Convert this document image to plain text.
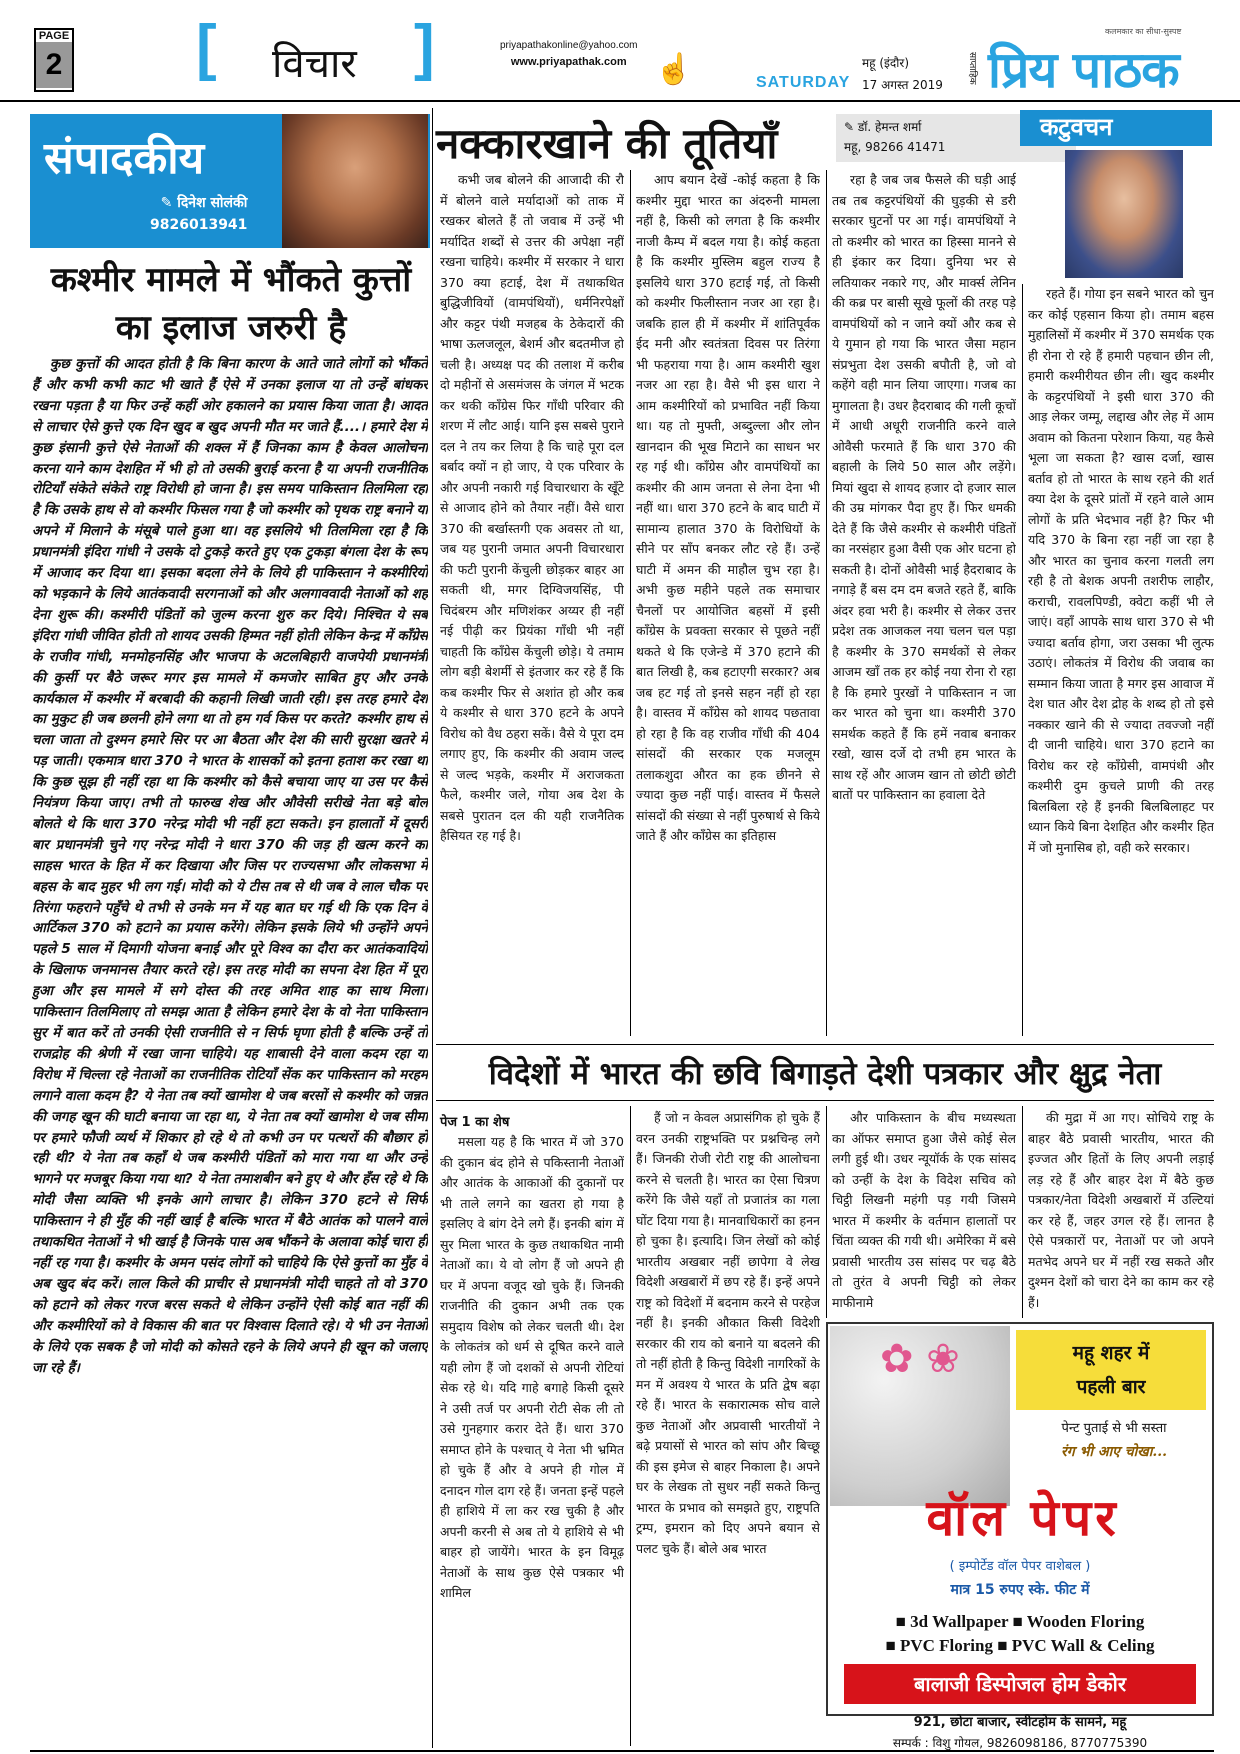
PAGE
2 [ विचार ]	priyapathakonline@yahoo.com
www.priyapathak.com ☝	SATURDAY
महू (इंदौर)
17 अगस्त 2019
कलमकार का सीधा-सुस्पष्ट
साप्ताहिक प्रिय पाठक
संपादकीय
✎ दिनेश सोलंकी
9826013941
कश्मीर मामले में भौंकते कुत्तों का इलाज जरुरी है

कुछ कुत्तों की आदत होती है कि बिना कारण के आते जाते लोगों को भौंकते हैं और कभी कभी काट भी खाते हैं ऐसे में उनका इलाज या तो उन्हें बांधकर रखना पड़ता है या फिर उन्हें कहीं ओर हकालने का प्रयास किया जाता है। आदत से लाचार ऐसे कुत्ते एक दिन खुद ब खुद अपनी मौत मर जाते हैं....। हमारे देश में कुछ इंसानी कुत्ते ऐसे नेताओं की शक्ल में हैं जिनका काम है केवल आलोचना करना याने काम देशहित में भी हो तो उसकी बुराई करना है या अपनी राजनीतिक रोटियाँ संकेते संकेते राष्ट्र विरोधी हो जाना है। इस समय पाकिस्तान तिलमिला रहा है कि उसके हाथ से वो कश्मीर फिसल गया है जो कश्मीर को पृथक राष्ट्र बनाने या अपने में मिलाने के मंसूबे पाले हुआ था। वह इसलिये भी तिलमिला रहा है कि प्रधानमंत्री इंदिरा गांधी ने उसके दो टुकड़े करते हुए एक टुकड़ा बंगला देश के रूप में आजाद कर दिया था। इसका बदला लेने के लिये ही पाकिस्तान ने कश्मीरियों को भड़काने के लिये आतंकवादी सरगनाओं को और अलगाववादी नेताओं को शह देना शुरू की। कश्मीरी पंडितों को जुल्म करना शुरु कर दिये। निश्चित ये सब इंदिरा गांधी जीवित होती तो शायद उसकी हिम्मत नहीं होती लेकिन केन्द्र में कॉंग्रेस के राजीव गांधी, मनमोहनसिंह और भाजपा के अटलबिहारी वाजपेयी प्रधानमंत्री की कुर्सी पर बैठे जरूर मगर इस मामले में कमजोर साबित हुए और उनके कार्यकाल में कश्मीर में बरबादी की कहानी लिखी जाती रही। इस तरह हमारे देश का मुकुट ही जब छलनी होने लगा था तो हम गर्व किस पर करते? कश्मीर हाथ से चला जाता तो दुश्मन हमारे सिर पर आ बैठता और देश की सारी सुरक्षा खतरे में पड़ जाती। एकमात्र धारा 370 ने भारत के शासकों को इतना हताश कर रखा था कि कुछ सूझ ही नहीं रहा था कि कश्मीर को कैसे बचाया जाए या उस पर कैसे नियंत्रण किया जाए। तभी तो फारुख शेख और औवेसी सरीखे नेता बड़े बोल बोलते थे कि धारा 370 नरेन्द्र मोदी भी नहीं हटा सकते। इन हालातों में दूसरी बार प्रधानमंत्री चुने गए नरेन्द्र मोदी ने धारा 370 की जड़ ही खत्म करने का साहस भारत के हित में कर दिखाया और जिस पर राज्यसभा और लोकसभा में बहस के बाद मुहर भी लग गई। मोदी को ये टीस तब से थी जब वे लाल चौक पर तिरंगा फहराने पहुँचे थे तभी से उनके मन में यह बात घर गई थी कि एक दिन वे आर्टिकल 370 को हटाने का प्रयास करेंगे। लेकिन इसके लिये भी उन्होंने अपने पहले 5 साल में दिमागी योजना बनाई और पूरे विश्व का दौरा कर आतंकवादियों के खिलाफ जनमानस तैयार करते रहे। इस तरह मोदी का सपना देश हित में पूरा हुआ और इस मामले में सगे दोस्त की तरह अमित शाह का साथ मिला। पाकिस्तान तिलमिलाए तो समझ आता है लेकिन हमारे देश के वो नेता पाकिस्तान सुर में बात करें तो उनकी ऐसी राजनीति से न सिर्फ घृणा होती है बल्कि उन्हें तो राजद्रोह की श्रेणी में रखा जाना चाहिये। यह शाबासी देने वाला कदम रहा या विरोध में चिल्ला रहे नेताओं का राजनीतिक रोटियाँ सेंक कर पाकिस्तान को मरहम लगाने वाला कदम है? ये नेता तब क्यों खामोश थे जब बरसों से कश्मीर को जन्नत की जगह खून की घाटी बनाया जा रहा था, ये नेता तब क्यों खामोश थे जब सीमा पर हमारे फौजी व्यर्थ में शिकार हो रहे थे तो कभी उन पर पत्थरों की बौछार हो रही थी? ये नेता तब कहाँ थे जब कश्मीरी पंडितों को मारा गया था और उन्हें भागने पर मजबूर किया गया था? ये नेता तमाशबीन बने हुए थे और हँस रहे थे कि मोदी जैसा व्यक्ति भी इनके आगे लाचार है। लेकिन 370 हटने से सिर्फ पाकिस्तान ने ही मुँह की नहीं खाई है बल्कि भारत में बैठे आतंक को पालने वाले तथाकथित नेताओं ने भी खाई है जिनके पास अब भौंकने के अलावा कोई चारा ही नहीं रह गया है। कश्मीर के अमन पसंद लोगों को चाहिये कि ऐसे कुत्तों का मुँह वे अब खुद बंद करें। लाल किले की प्राचीर से प्रधानमंत्री मोदी चाहते तो वो 370 को हटाने को लेकर गरज बरस सकते थे लेकिन उन्होंने ऐसी कोई बात नहीं की और कश्मीरियों को वे विकास की बात पर विश्वास दिलाते रहे। ये भी उन नेताओं के लिये एक सबक है जो मोदी को कोसते रहने के लिये अपने ही खून को जलाए जा रहे हैं।

नक्कारखाने की तूतियाँ	✎ डॉ. हेमन्त शर्मा
महू, 98266 41471
कटुवचन

कभी जब बोलने की आजादी की रौ में बोलने वाले मर्यादाओं को ताक में रखकर बोलते हैं तो जवाब में उन्हें भी मर्यादित शब्दों से उत्तर की अपेक्षा नहीं रखना चाहिये। कश्मीर में सरकार ने धारा 370 क्या हटाई, देश में तथाकथित बुद्धिजीवियों (वामपंथियों), धर्मनिरपेक्षों और कट्टर पंथी मजहब के ठेकेदारों की भाषा ऊलजलूल, बेशर्म और बदतमीज हो चली है। अध्यक्ष पद की तलाश में करीब दो महीनों से असमंजस के जंगल में भटक कर थकी कॉंग्रेस फिर गाँधी परिवार की शरण में लौट आई। यानि इस सबसे पुराने दल ने तय कर लिया है कि चाहे पूरा दल बर्बाद क्यों न हो जाए, ये एक परिवार के और अपनी नकारी गई विचारधारा के खूँटे से आजाद होने को तैयार नहीं। वैसे धारा 370 की बर्खास्तगी एक अवसर तो था, जब यह पुरानी जमात अपनी विचारधारा की फटी पुरानी केंचुली छोड़कर बाहर आ सकती थी, मगर दिग्विजयसिंह, पी चिदंबरम और मणिशंकर अय्यर ही नहीं नई पीढ़ी कर प्रियंका गाँधी भी नहीं चाहती कि कॉंग्रेस केंचुली छोड़े। ये तमाम लोग बड़ी बेशर्मी से इंतजार कर रहे हैं कि कब कश्मीर फिर से अशांत हो और कब ये कश्मीर से धारा 370 हटने के अपने विरोध को वैध ठहरा सकें। वैसे ये पूरा दम लगाए हुए, कि कश्मीर की अवाम जल्द से जल्द भड़के, कश्मीर में अराजकता फैले, कश्मीर जले, गोया अब देश के सबसे पुरातन दल की यही राजनैतिक हैसियत रह गई है।

आप बयान देखें -कोई कहता है कि कश्मीर मुद्दा भारत का अंदरुनी मामला नहीं है, किसी को लगता है कि कश्मीर नाजी कैम्प में बदल गया है। कोई कहता है कि कश्मीर मुस्लिम बहुल राज्य है इसलिये धारा 370 हटाई गई, तो किसी को कश्मीर फिलीस्तान नजर आ रहा है। जबकि हाल ही में कश्मीर में शांतिपूर्वक ईद मनी और स्वतंत्रता दिवस पर तिरंगा भी फहराया गया है। आम कश्मीरी खुश नजर आ रहा है। वैसे भी इस धारा ने आम कश्मीरियों को प्रभावित नहीं किया था। यह तो मुफ्ती, अब्दुल्ला और लोन खानदान की भूख मिटाने का साधन भर रह गई थी। कॉंग्रेस और वामपंथियों का कश्मीर की आम जनता से लेना देना भी नहीं था। धारा 370 हटने के बाद घाटी में सामान्य हालात 370 के विरोधियों के सीने पर साँप बनकर लौट रहे हैं। उन्हें घाटी में अमन की माहौल चुभ रहा है। अभी कुछ महीने पहले तक समाचार चैनलों पर आयोजित बहसों में इसी कॉंग्रेस के प्रवक्ता सरकार से पूछते नहीं थकते थे कि एजेन्डे में 370 हटाने की बात लिखी है, कब हटाएगी सरकार? अब जब हट गई तो इनसे सहन नहीं हो रहा है। वास्तव में कॉंग्रेस को शायद पछतावा हो रहा है कि वह राजीव गाँधी की 404 सांसदों की सरकार एक मजलूम तलाकशुदा औरत का हक छीनने से ज्यादा कुछ नहीं पाई। वास्तव में फैसले सांसदों की संख्या से नहीं पुरुषार्थ से किये जाते हैं और कॉंग्रेस का इतिहास

रहा है जब जब फैसले की घड़ी आई तब तब कट्टरपंथियों की घुड़की से डरी सरकार घुटनों पर आ गई। वामपंथियों ने तो कश्मीर को भारत का हिस्सा मानने से ही इंकार कर दिया। दुनिया भर से लतियाकर नकारे गए, और मार्क्स लेनिन की कब्र पर बासी सूखे फूलों की तरह पड़े वामपंथियों को न जाने क्यों और कब से ये गुमान हो गया कि भारत जैसा महान संप्रभुता देश उसकी बपौती है, जो वो कहेंगे वही मान लिया जाएगा। गजब का मुगालता है। उधर हैदराबाद की गली कूचों में आधी अधूरी राजनीति करने वाले ओवैसी फरमाते हैं कि धारा 370 की बहाली के लिये 50 साल और लड़ेंगे। मियां खुदा से शायद हजार दो हजार साल की उम्र मांगकर पैदा हुए हैं। फिर धमकी देते हैं कि जैसे कश्मीर से कश्मीरी पंडितों का नरसंहार हुआ वैसी एक ओर घटना हो सकती है। दोनों ओवैसी भाई हैदराबाद के नगाड़े हैं बस दम दम बजते रहते हैं, बाकि अंदर हवा भरी है। कश्मीर से लेकर उत्तर प्रदेश तक आजकल नया चलन चल पड़ा है कश्मीर के 370 समर्थकों से लेकर आजम खाँ तक हर कोई नया रोना रो रहा है कि हमारे पुरखों ने पाकिस्तान न जा कर भारत को चुना था। कश्मीरी 370 समर्थक कहते हैं कि हमें नवाब बनाकर रखो, खास दर्जे दो तभी हम भारत के साथ रहें और आजम खान तो छोटी छोटी बातों पर पाकिस्तान का हवाला देते

रहते हैं। गोया इन सबने भारत को चुन कर कोई एहसान किया हो। तमाम बहस मुहालिसों में कश्मीर में 370 समर्थक एक ही रोना रो रहे हैं हमारी पहचान छीन ली, हमारी कश्मीरीयत छीन ली। खुद कश्मीर के कट्टरपंथियों ने इसी धारा 370 की आड़ लेकर जम्मू, लद्दाख और लेह में आम अवाम को कितना परेशान किया, यह कैसे भूला जा सकता है? खास दर्जा, खास बर्ताव हो तो भारत के साथ रहने की शर्त क्या देश के दूसरे प्रांतों में रहने वाले आम लोगों के प्रति भेदभाव नहीं है? फिर भी यदि 370 के बिना रहा नहीं जा रहा है और भारत का चुनाव करना गलती लग रही है तो बेशक अपनी तशरीफ लाहौर, कराची, रावलपिण्डी, क्वेटा कहीं भी ले जाएं। वहाँ आपके साथ धारा 370 से भी ज्यादा बर्ताव होगा, जरा उसका भी लुत्फ उठाएं। लोकतंत्र में विरोध की जवाब का सम्मान किया जाता है मगर इस आवाज में देश घात और देश द्रोह के शब्द हो तो इसे नक्कार खाने की से ज्यादा तवज्जो नहीं दी जानी चाहिये। धारा 370 हटाने का विरोध कर रहे कॉंग्रेसी, वामपंथी और कश्मीरी दुम कुचले प्राणी की तरह बिलबिला रहे हैं इनकी बिलबिलाहट पर ध्यान किये बिना देशहित और कश्मीर हित में जो मुनासिब हो, वही करे सरकार।

विदेशों में भारत की छवि बिगाड़ते देशी पत्रकार और क्षुद्र नेता
पेज 1 का शेष

मसला यह है कि भारत में जो 370 की दुकान बंद होने से पकिस्तानी नेताओं और आतंक के आकाओं की दुकानों पर भी ताले लगने का खतरा हो गया है इसलिए वे बांग देने लगे हैं। इनकी बांग में सुर मिला भारत के कुछ तथाकथित नामी नेताओं का। ये वो लोग हैं जो अपने ही घर में अपना वजूद खो चुके हैं। जिनकी राजनीति की दुकान अभी तक एक समुदाय विशेष को लेकर चलती थी। देश के लोकतंत्र को धर्म से दूषित करने वाले यही लोग हैं जो दशकों से अपनी रोटियां सेक रहे थे। यदि गाहे बगाहे किसी दूसरे ने उसी तर्ज पर अपनी रोटी सेक ली तो उसे गुनहगार करार देते हैं। धारा 370 समाप्त होने के पश्चात् ये नेता भी भ्रमित हो चुके हैं और वे अपने ही गोल में दनादन गोल दाग रहे हैं। जनता इन्हें पहले ही हाशिये में ला कर रख चुकी है और अपनी करनी से अब तो ये हाशिये से भी बाहर हो जायेंगे। भारत के इन विमूढ़ नेताओं के साथ कुछ ऐसे पत्रकार भी शामिल

हैं जो न केवल अप्रासंगिक हो चुके हैं वरन उनकी राष्ट्रभक्ति पर प्रश्नचिन्ह लगे हैं। जिनकी रोजी रोटी राष्ट्र की आलोचना करने से चलती है। भारत का ऐसा चित्रण करेंगे कि जैसे यहाँ तो प्रजातंत्र का गला घोंट दिया गया है। मानवाधिकारों का हनन हो चुका है। इत्यादि। जिन लेखों को कोई भारतीय अखबार नहीं छापेगा वे लेख विदेशी अखबारों में छप रहे हैं। इन्हें अपने राष्ट्र को विदेशों में बदनाम करने से परहेज नहीं है। इनकी औकात किसी विदेशी सरकार की राय को बनाने या बदलने की तो नहीं होती है किन्तु विदेशी नागरिकों के मन में अवश्य ये भारत के प्रति द्वेष बढ़ा रहे हैं। भारत के सकारात्मक सोच वाले कुछ नेताओं और अप्रवासी भारतीयों ने बढ़े प्रयासों से भारत को सांप और बिच्छू की इस इमेज से बाहर निकाला है। अपने घर के लेखक तो सुधर नहीं सकते किन्तु भारत के प्रभाव को समझते हुए, राष्ट्रपति ट्रम्प, इमरान को दिए अपने बयान से पलट चुके हैं। बोले अब भारत

और पाकिस्तान के बीच मध्यस्थता का ऑफर समाप्त हुआ जैसे कोई सेल लगी हुई थी। उधर न्यूयॉर्क के एक सांसद को उन्हीं के देश के विदेश सचिव को चिट्ठी लिखनी महंगी पड़ गयी जिसमे भारत में कश्मीर के वर्तमान हालातों पर चिंता व्यक्त की गयी थी। अमेरिका में बसे प्रवासी भारतीय उस सांसद पर चढ़ बैठे तो तुरंत वे अपनी चिट्ठी को लेकर माफीनामे

की मुद्रा में आ गए। सोचिये राष्ट्र के बाहर बैठे प्रवासी भारतीय, भारत की इज्जत और हितों के लिए अपनी लड़ाई लड़ रहे हैं और बाहर देश में बैठे कुछ पत्रकार/नेता विदेशी अखबारों में उल्टियां कर रहे हैं, जहर उगल रहे हैं। लानत है ऐसे पत्रकारों पर, नेताओं पर जो अपने मतभेद अपने घर में नहीं रख सकते और दुश्मन देशों को चारा देने का काम कर रहे हैं।

✿ ❀	महू शहर में
पहली बार
पेन्ट पुताई से भी सस्ता
रंग भी आए चोखा...
वॉल पेपर
( इम्पोर्टेड वॉल पेपर वाशेबल )
मात्र 15 रुपए स्के. फीट में
■ 3d Wallpaper ■ Wooden Floring
■ PVC Floring ■ PVC Wall & Celing
बालाजी डिस्पोजल होम डेकोर
921, छोटा बाजार, स्वीटहोम के सामने, महू
सम्पर्क : विशु गोयल, 9826098186, 8770775390
